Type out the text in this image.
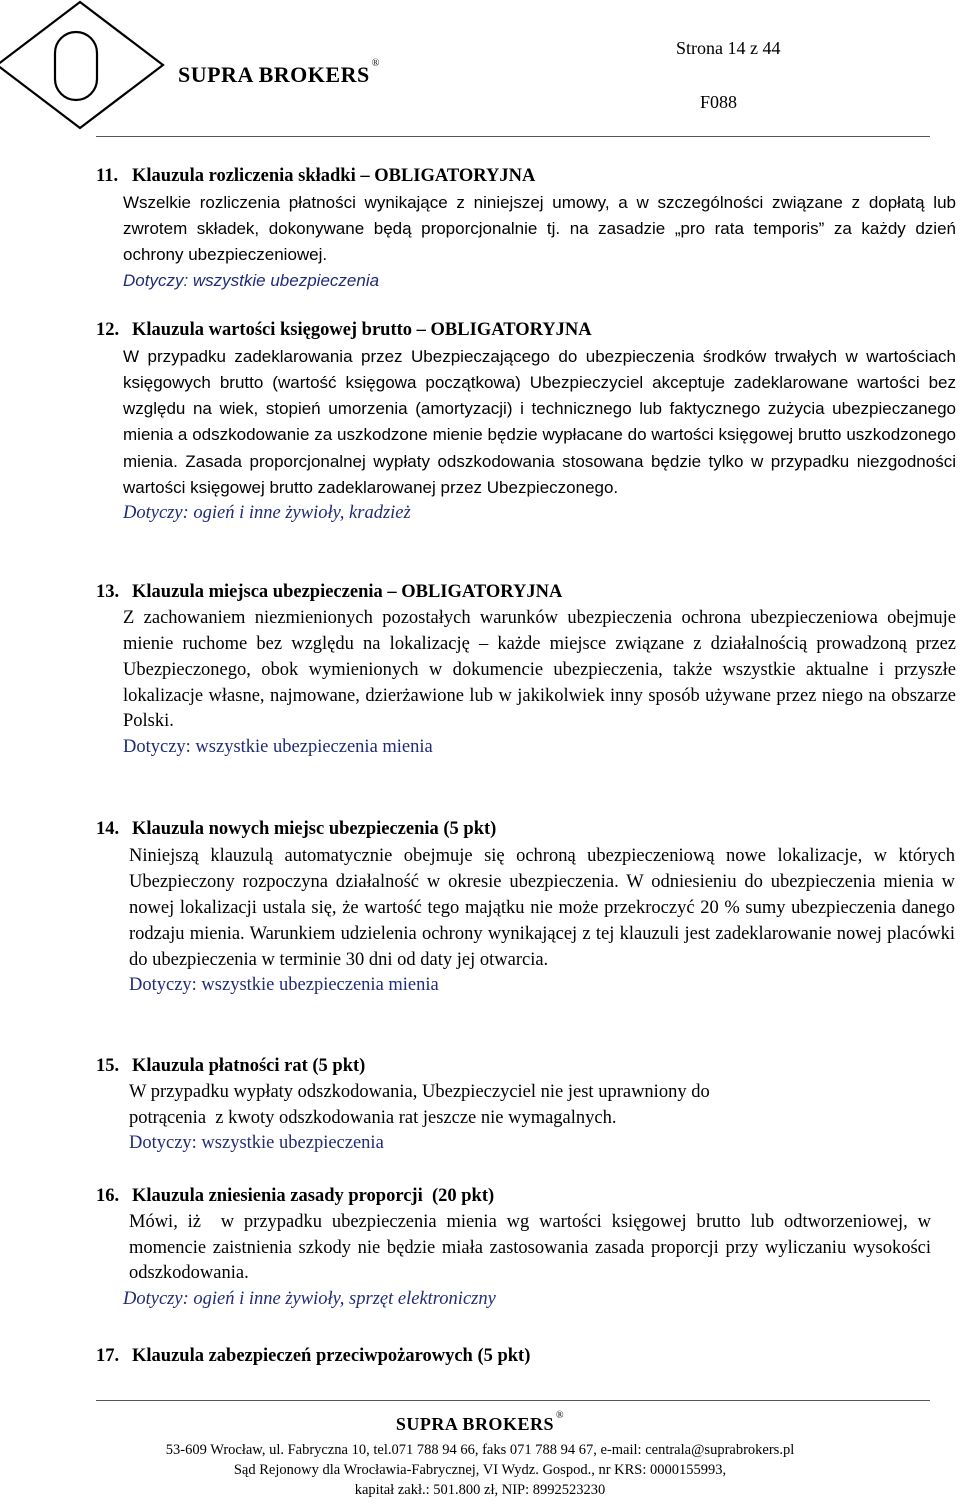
SUPRA BROKERS ®
Strona 14 z 44
F088
11. Klauzula rozliczenia składki – OBLIGATORYJNA
Wszelkie rozliczenia płatności wynikające z niniejszej umowy, a w szczególności związane z dopłatą lub zwrotem składek, dokonywane będą proporcjonalnie tj. na zasadzie „pro rata temporis” za każdy dzień ochrony ubezpieczeniowej.
Dotyczy: wszystkie ubezpieczenia
12. Klauzula wartości księgowej brutto – OBLIGATORYJNA
W przypadku zadeklarowania przez Ubezpieczającego do ubezpieczenia środków trwałych w wartościach księgowych brutto (wartość księgowa początkowa) Ubezpieczyciel akceptuje zadeklarowane wartości bez względu na wiek, stopień umorzenia (amortyzacji) i technicznego lub faktycznego zużycia ubezpieczanego mienia a odszkodowanie za uszkodzone mienie będzie wypłacane do wartości księgowej brutto uszkodzonego mienia. Zasada proporcjonalnej wypłaty odszkodowania stosowana będzie tylko w przypadku niezgodności wartości księgowej brutto zadeklarowanej przez Ubezpieczonego.
Dotyczy: ogień i inne żywioły, kradzież
13. Klauzula miejsca ubezpieczenia – OBLIGATORYJNA
Z zachowaniem niezmienionych pozostałych warunków ubezpieczenia ochrona ubezpieczeniowa obejmuje mienie ruchome bez względu na lokalizację – każde miejsce związane z działalnością prowadzoną przez Ubezpieczonego, obok wymienionych w dokumencie ubezpieczenia, także wszystkie aktualne i przyszłe lokalizacje własne, najmowane, dzierżawione lub w jakikolwiek inny sposób używane przez niego na obszarze Polski.
Dotyczy: wszystkie ubezpieczenia mienia
14. Klauzula nowych miejsc ubezpieczenia (5 pkt)
Niniejszą klauzulą automatycznie obejmuje się ochroną ubezpieczeniową nowe lokalizacje, w których Ubezpieczony rozpoczyna działalność w okresie ubezpieczenia. W odniesieniu do ubezpieczenia mienia w nowej lokalizacji ustala się, że wartość tego majątku nie może przekroczyć 20 % sumy ubezpieczenia danego rodzaju mienia. Warunkiem udzielenia ochrony wynikającej z tej klauzuli jest zadeklarowanie nowej placówki do ubezpieczenia w terminie 30 dni od daty jej otwarcia.
Dotyczy: wszystkie ubezpieczenia mienia
15. Klauzula płatności rat (5 pkt)
W przypadku wypłaty odszkodowania, Ubezpieczyciel nie jest uprawniony do
potrącenia  z kwoty odszkodowania rat jeszcze nie wymagalnych.
Dotyczy: wszystkie ubezpieczenia
16. Klauzula zniesienia zasady proporcji  (20 pkt)
Mówi, iż  w przypadku ubezpieczenia mienia wg wartości księgowej brutto lub odtworzeniowej, w momencie zaistnienia szkody nie będzie miała zastosowania zasada proporcji przy wyliczaniu wysokości odszkodowania.
Dotyczy: ogień i inne żywioły, sprzęt elektroniczny
17. Klauzula zabezpieczeń przeciwpożarowych (5 pkt)
SUPRA BROKERS ®
53-609 Wrocław, ul. Fabryczna 10, tel.071 788 94 66, faks 071 788 94 67, e-mail: centrala@suprabrokers.pl
Sąd Rejonowy dla Wrocławia-Fabrycznej, VI Wydz. Gospod., nr KRS: 0000155993,
kapitał zakł.: 501.800 zł, NIP: 8992523230
